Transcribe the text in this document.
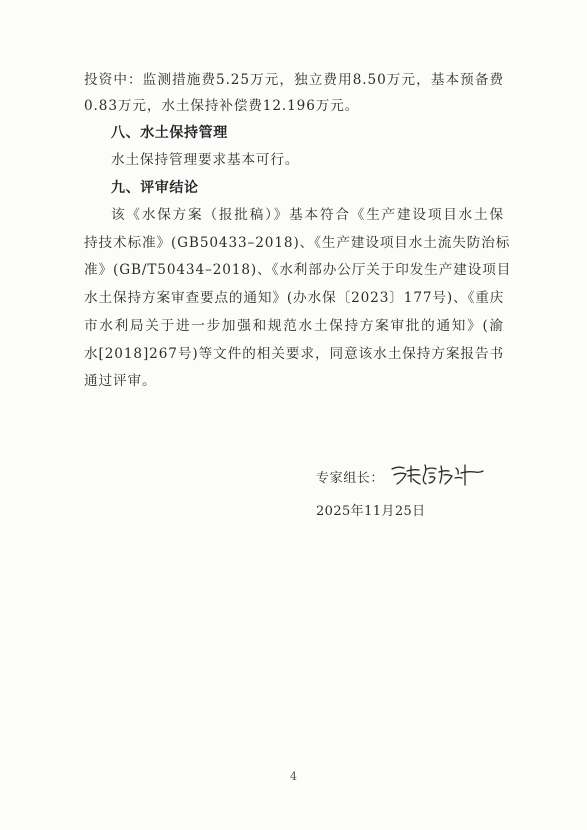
投资中：监测措施费5.25万元，独立费用8.50万元，基本预备费
0.83万元，水土保持补偿费12.196万元。
八、水土保持管理
水土保持管理要求基本可行。
九、评审结论
该《水保方案（报批稿）》基本符合《生产建设项目水土保
持技术标准》(GB50433–2018)、《生产建设项目水土流失防治标
准》(GB/T50434–2018)、《水利部办公厅关于印发生产建设项目
水土保持方案审查要点的通知》(办水保〔2023〕177号)、《重庆
市水利局关于进一步加强和规范水土保持方案审批的通知》(渝
水[2018]267号)等文件的相关要求，同意该水土保持方案报告书
通过评审。
专家组长：
2025年11月25日
4
